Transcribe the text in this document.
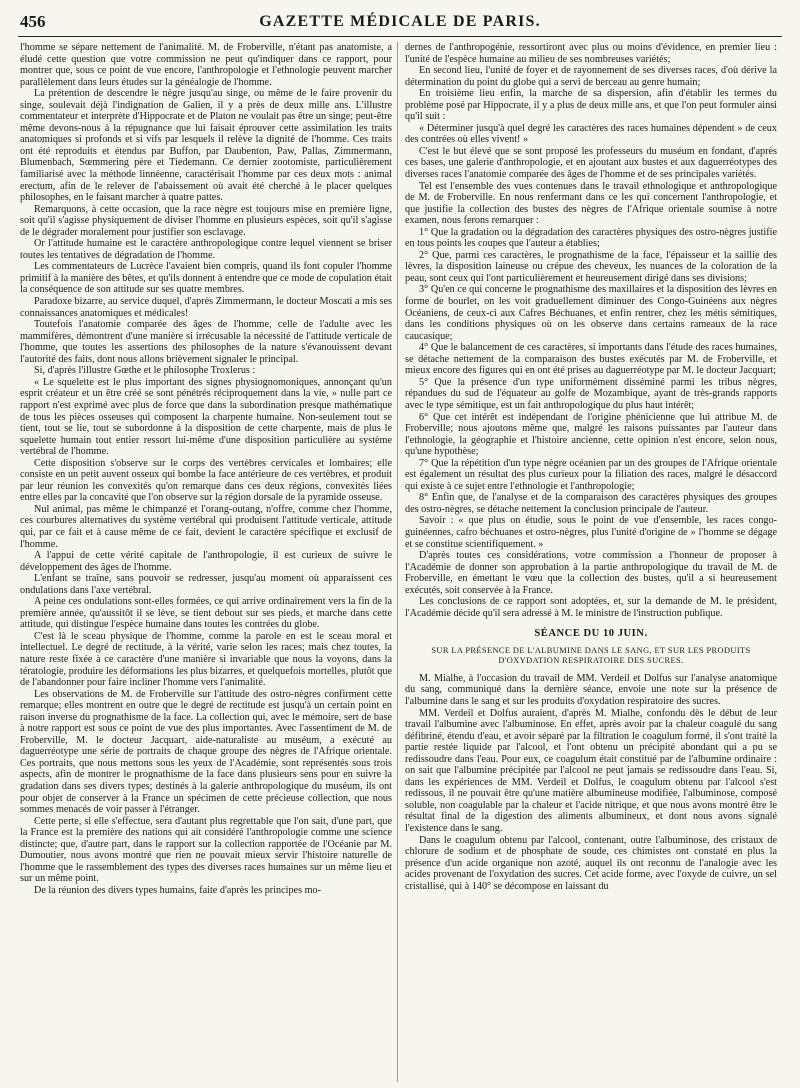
456	GAZETTE MÉDICALE DE PARIS.

l'homme se sépare nettement de l'animalité. M. de Froberville, n'étant pas anatomiste, a éludé cette question que votre commission ne peut qu'indiquer dans ce rapport, pour montrer que, sous ce point de vue encore, l'anthropologie et l'ethnologie peuvent marcher parallèlement dans leurs études sur la généalogie de l'homme.

La prétention de descendre le nègre jusqu'au singe, ou même de le faire provenir du singe, soulevait déjà l'indignation de Galien, il y a près de deux mille ans. L'illustre commentateur et interprète d'Hippocrate et de Platon ne voulait pas être un singe; peut-être même devons-nous à la répugnance que lui faisait éprouver cette assimilation les traits anatomiques si profonds et si vifs par lesquels il relève la dignité de l'homme. Ces traits ont été reproduits et étendus par Buffon, par Daubenton, Paw, Pallas, Zimmermann, Blumenbach, Sœmmering père et Tiedemann. Ce dernier zootomiste, particulièrement familiarisé avec la méthode linnéenne, caractérisait l'homme par ces deux mots : animal erectum, afin de le relever de l'abaissement où avait été cherché à le placer quelques philosophes, en le faisant marcher à quatre pattes.

Remarquons, à cette occasion, que la race nègre est toujours mise en première ligne, soit qu'il s'agisse physiquement de diviser l'homme en plusieurs espèces, soit qu'il s'agisse de le dégrader moralement pour justifier son esclavage.

Or l'attitude humaine est le caractère anthropologique contre lequel viennent se briser toutes les tentatives de dégradation de l'homme.

Les commentateurs de Lucrèce l'avaient bien compris, quand ils font copuler l'homme primitif à la manière des bêtes, et qu'ils donnent à entendre que ce mode de copulation était la conséquence de son attitude sur ses quatre membres.

Paradoxe bizarre, au service duquel, d'après Zimmermann, le docteur Moscati a mis ses connaissances anatomiques et médicales!

Toutefois l'anatomie comparée des âges de l'homme, celle de l'adulte avec les mammifères, démontrent d'une manière si irrécusable la nécessité de l'attitude verticale de l'homme, que toutes les assertions des philosophes de la nature s'évanouissent devant l'autorité des faits, dont nous allons brièvement signaler le principal.

Si, d'après l'illustre Gœthe et le philosophe Troxlerus :

« Le squelette est le plus important des signes physiognomoniques, annonçant qu'un esprit créateur et un être créé se sont pénétrés réciproquement dans la vie, » nulle part ce rapport n'est exprimé avec plus de force que dans la subordination presque mathématique de tous les pièces osseuses qui composent la charpente humaine. Non-seulement tout se tient, tout se lie, tout se subordonne à la disposition de cette charpente, mais de plus le squelette humain tout entier ressort lui-même d'une disposition particulière au système vertébral de l'homme.

Cette disposition s'observe sur le corps des vertèbres cervicales et lombaires; elle consiste en un petit auvent osseux qui bombe la face antérieure de ces vertèbres, et produit par leur réunion les convexités qu'on remarque dans ces deux régions, convexités liées entre elles par la concavité que l'on observe sur la région dorsale de la pyramide osseuse.

Nul animal, pas même le chimpanzé et l'orang-outang, n'offre, comme chez l'homme, ces courbures alternatives du système vertébral qui produisent l'attitude verticale, attitude qui, par ce fait et à cause même de ce fait, devient le caractère spécifique et exclusif de l'homme.

A l'appui de cette vérité capitale de l'anthropologie, il est curieux de suivre le développement des âges de l'homme.

L'enfant se traîne, sans pouvoir se redresser, jusqu'au moment où apparaissent ces ondulations dans l'axe vertébral.

A peine ces ondulations sont-elles formées, ce qui arrive ordinairement vers la fin de la première année, qu'aussitôt il se lève, se tient debout sur ses pieds, et marche dans cette attitude, qui distingue l'espèce humaine dans toutes les contrées du globe.

C'est là le sceau physique de l'homme, comme la parole en est le sceau moral et intellectuel. Le degré de rectitude, à la vérité, varie selon les races; mais chez toutes, la nature reste fixée à ce caractère d'une manière si invariable que nous la voyons, dans la tératologie, produire les déformations les plus bizarres, et quelquefois mortelles, plutôt que de l'abandonner pour faire incliner l'homme vers l'animalité.

Les observations de M. de Froberville sur l'attitude des ostro-nègres confirment cette remarque; elles montrent en outre que le degré de rectitude est jusqu'à un certain point en raison inverse du prognathisme de la face. La collection qui, avec le mémoire, sert de base à notre rapport est sous ce point de vue des plus importantes. Avec l'assentiment de M. de Froberville, M. le docteur Jacquart, aide-naturaliste au muséum, a exécuté au daguerréotype une série de portraits de chaque groupe des nègres de l'Afrique orientale. Ces portraits, que nous mettons sous les yeux de l'Académie, sont représentés sous trois aspects, afin de montrer le prognathisme de la face dans plusieurs sens pour en suivre la gradation dans ses divers types; destinés à la galerie anthropologique du muséum, ils ont pour objet de conserver à la France un spécimen de cette précieuse collection, que nous sommes menacés de voir passer à l'étranger.

Cette perte, si elle s'effectue, sera d'autant plus regrettable que l'on sait, d'une part, que la France est la première des nations qui ait considéré l'anthropologie comme une science distincte; que, d'autre part, dans le rapport sur la collection rapportée de l'Océanie par M. Dumoutier, nous avons montré que rien ne pouvait mieux servir l'histoire naturelle de l'homme que le rassemblement des types des diverses races humaines sur un même lieu et sur un même point.

De la réunion des divers types humains, faite d'après les principes mo-

dernes de l'anthropogénie, ressortiront avec plus ou moins d'évidence, en premier lieu : l'unité de l'espèce humaine au milieu de ses nombreuses variétés;

En second lieu, l'unité de foyer et de rayonnement de ses diverses races, d'où dérive la détermination du point du globe qui a servi de berceau au genre humain;

En troisième lieu enfin, la marche de sa dispersion, afin d'établir les termes du problème posé par Hippocrate, il y a plus de deux mille ans, et que l'on peut formuler ainsi qu'il suit :

« Déterminer jusqu'à quel degré les caractères des races humaines dépendent » de ceux des contrées où elles vivent! »

C'est le but élevé que se sont proposé les professeurs du muséum en fondant, d'après ces bases, une galerie d'anthropologie, et en ajoutant aux bustes et aux daguerréotypes des diverses races l'anatomie comparée des âges de l'homme et de ses principales variétés.

Tel est l'ensemble des vues contenues dans le travail ethnologique et anthropologique de M. de Froberville. En nous renfermant dans ce les qui concernent l'anthropologie, et que justifie la collection des bustes des nègres de l'Afrique orientale soumise à notre examen, nous ferons remarquer :

1° Que la gradation ou la dégradation des caractères physiques des ostro-nègres justifie en tous points les coupes que l'auteur a établies;

2° Que, parmi ces caractères, le prognathisme de la face, l'épaisseur et la saillie des lèvres, la disposition laineuse ou crépue des cheveux, les nuances de la coloration de la peau, sont ceux qui l'ont particulièrement et heureusement dirigé dans ses divisions;

3° Qu'en ce qui concerne le prognathisme des maxillaires et la disposition des lèvres en forme de bourlet, on les voit graduellement diminuer des Congo-Guinéens aux nègres Océaniens, de ceux-ci aux Cafres Béchuanes, et enfin rentrer, chez les métis sémitiques, dans les conditions physiques où on les observe dans certains rameaux de la race caucasique;

4° Que le balancement de ces caractères, si importants dans l'étude des races humaines, se détache nettement de la comparaison des bustes exécutés par M. de Froberville, et mieux encore des figures qui en ont été prises au daguerréotype par M. le docteur Jacquart;

5° Que la présence d'un type uniformément disséminé parmi les tribus nègres, répandues du sud de l'équateur au golfe de Mozambique, ayant de très-grands rapports avec le type sémitique, est un fait anthropologique du plus haut intérêt;

6° Que cet intérêt est indépendant de l'origine phénicienne que lui attribue M. de Froberville; nous ajoutons même que, malgré les raisons puissantes par l'auteur dans l'ethnologie, la géographie et l'histoire ancienne, cette opinion n'est encore, selon nous, qu'une hypothèse;

7° Que la répétition d'un type nègre océanien par un des groupes de l'Afrique orientale est également un résultat des plus curieux pour la filiation des races, malgré le désaccord qui existe à ce sujet entre l'ethnologie et l'anthropologie;

8° Enfin que, de l'analyse et de la comparaison des caractères physiques des groupes des ostro-nègres, se détache nettement la conclusion principale de l'auteur.

Savoir : « que plus on étudie, sous le point de vue d'ensemble, les races congo-guinéennes, cafro béchuanes et ostro-nègres, plus l'unité d'origine de » l'homme se dégage et se constitue scientifiquement. »

D'après toutes ces considérations, votre commission a l'honneur de proposer à l'Académie de donner son approbation à la partie anthropologique du travail de M. de Froberville, en émettant le vœu que la collection des bustes, qu'il a si heureusement exécutés, soit conservée à la France.

Les conclusions de ce rapport sont adoptées, et, sur la demande de M. le président, l'Académie décide qu'il sera adressé à M. le ministre de l'instruction publique.

SÉANCE DU 10 JUIN.
SUR LA PRÉSENCE DE L'ALBUMINE DANS LE SANG, ET SUR LES PRODUITS D'OXYDATION RESPIRATOIRE DES SUCRES.

M. Mialhe, à l'occasion du travail de MM. Verdeil et Dolfus sur l'analyse anatomique du sang, communiqué dans la dernière séance, envoie une note sur la présence de l'albumine dans le sang et sur les produits d'oxydation respiratoire des sucres.

MM. Verdeil et Dolfus auraient, d'après M. Mialhe, confondu dès le début de leur travail l'albumine avec l'albuminose. En effet, après avoir par la chaleur coagulé du sang défibriné, étendu d'eau, et avoir séparé par la filtration le coagulum formé, il s'ont traité la partie restée liquide par l'alcool, et l'ont obtenu un précipité abondant qui a pu se redissoudre dans l'eau. Pour eux, ce coagulum était constitué par de l'albumine ordinaire : on sait que l'albumine précipitée par l'alcool ne peut jamais se redissoudre dans l'eau. Si, dans les expériences de MM. Verdeil et Dolfus, le coagulum obtenu par l'alcool s'est redissous, il ne pouvait être qu'une matière albumineuse modifiée, l'albuminose, composé soluble, non coagulable par la chaleur et l'acide nitrique, et que nous avons montré être le résultat final de la digestion des aliments albumineux, et dont nous avons signalé l'existence dans le sang.

Dans le coagulum obtenu par l'alcool, contenant, outre l'albuminose, des cristaux de chlorure de sodium et de phosphate de soude, ces chimistes ont constaté en plus la présence d'un acide organique non azoté, auquel ils ont reconnu de l'analogie avec les acides provenant de l'oxydation des sucres. Cet acide forme, avec l'oxyde de cuivre, un sel cristallisé, qui à 140° se décompose en laissant du
